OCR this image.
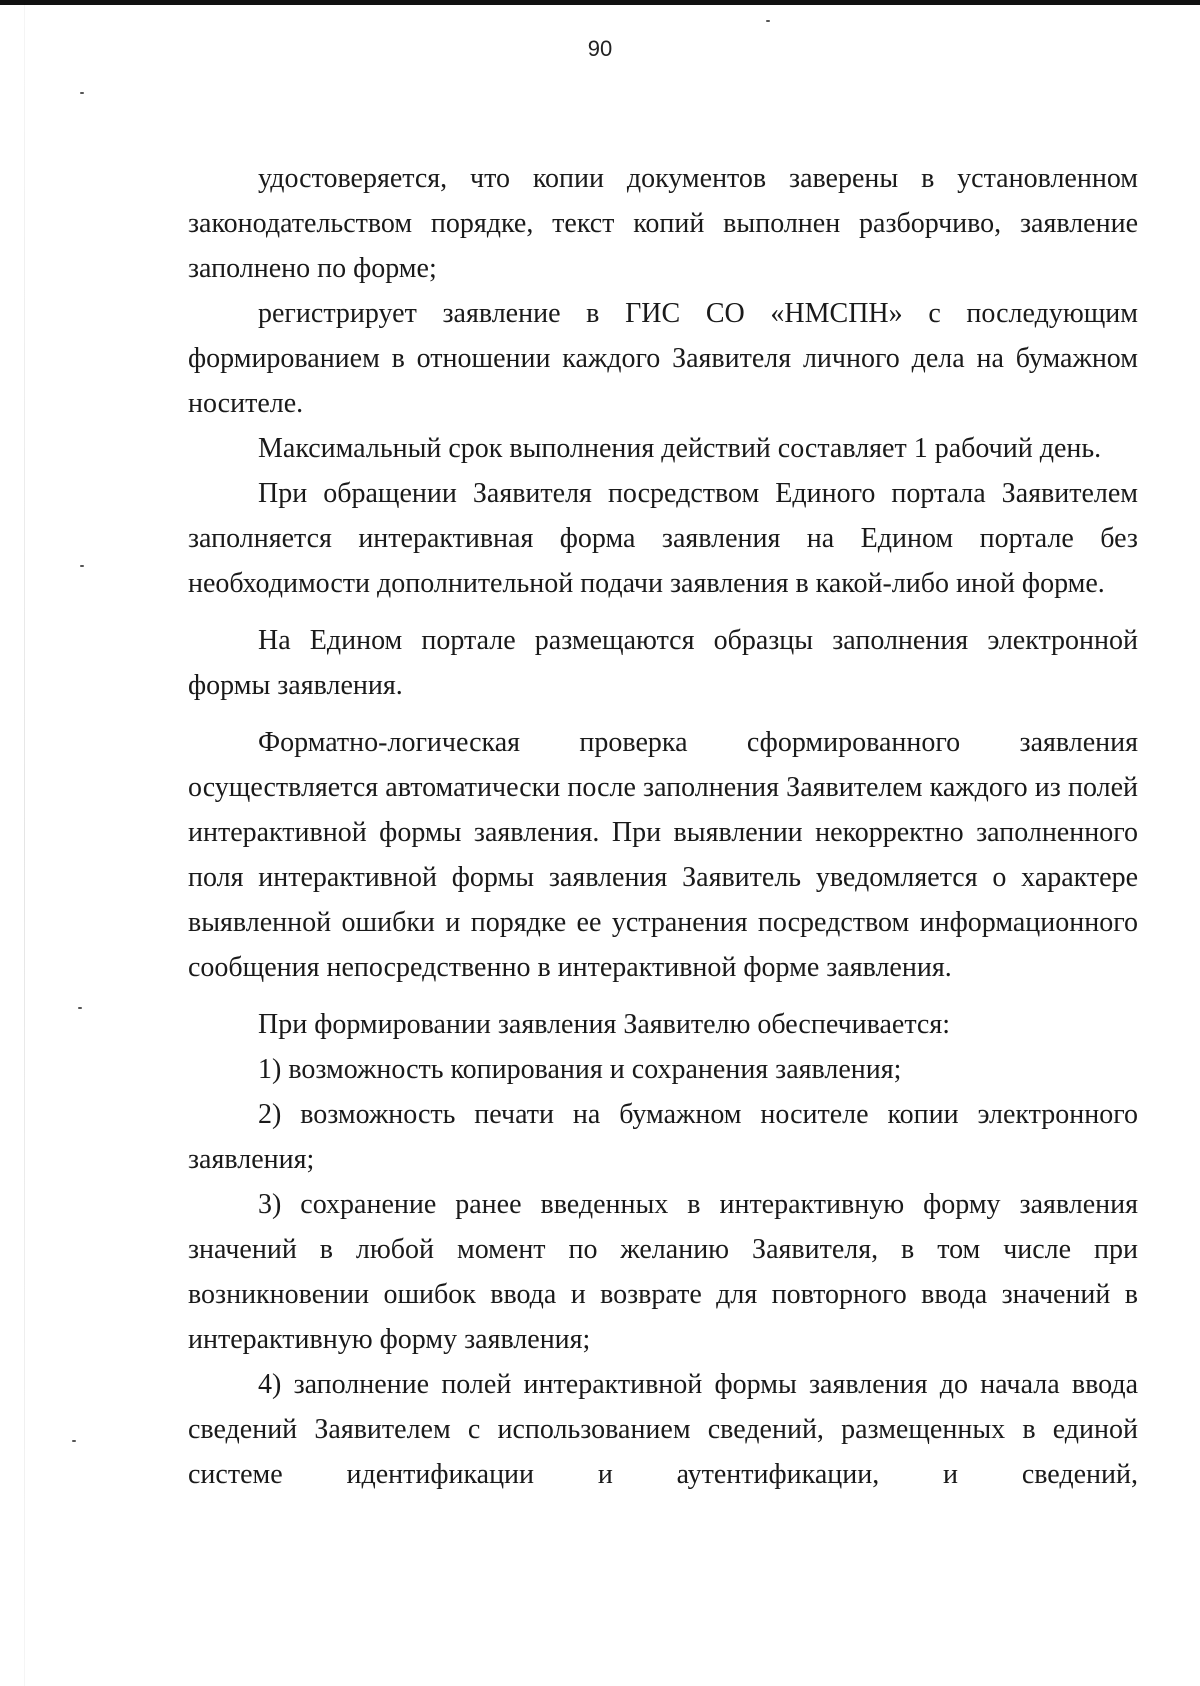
90

удостоверяется, что копии документов заверены в установленном законодательством порядке, текст копий выполнен разборчиво, заявление заполнено по форме;

регистрирует заявление в ГИС СО «НМСПН» с последующим формированием в отношении каждого Заявителя личного дела на бумажном носителе.

Максимальный срок выполнения действий составляет 1 рабочий день.

При обращении Заявителя посредством Единого портала Заявителем заполняется интерактивная форма заявления на Едином портале без необходимости дополнительной подачи заявления в какой-либо иной форме.

На Едином портале размещаются образцы заполнения электронной формы заявления.

Форматно-логическая проверка сформированного заявления осуществляется автоматически после заполнения Заявителем каждого из полей интерактивной формы заявления. При выявлении некорректно заполненного поля интерактивной формы заявления Заявитель уведомляется о характере выявленной ошибки и порядке ее устранения посредством информационного сообщения непосредственно в интерактивной форме заявления.

При формировании заявления Заявителю обеспечивается:

1) возможность копирования и сохранения заявления;

2) возможность печати на бумажном носителе копии электронного заявления;

3) сохранение ранее введенных в интерактивную форму заявления значений в любой момент по желанию Заявителя, в том числе при возникновении ошибок ввода и возврате для повторного ввода значений в интерактивную форму заявления;

4) заполнение полей интерактивной формы заявления до начала ввода сведений Заявителем с использованием сведений, размещенных в единой системе идентификации и аутентификации, и сведений,
